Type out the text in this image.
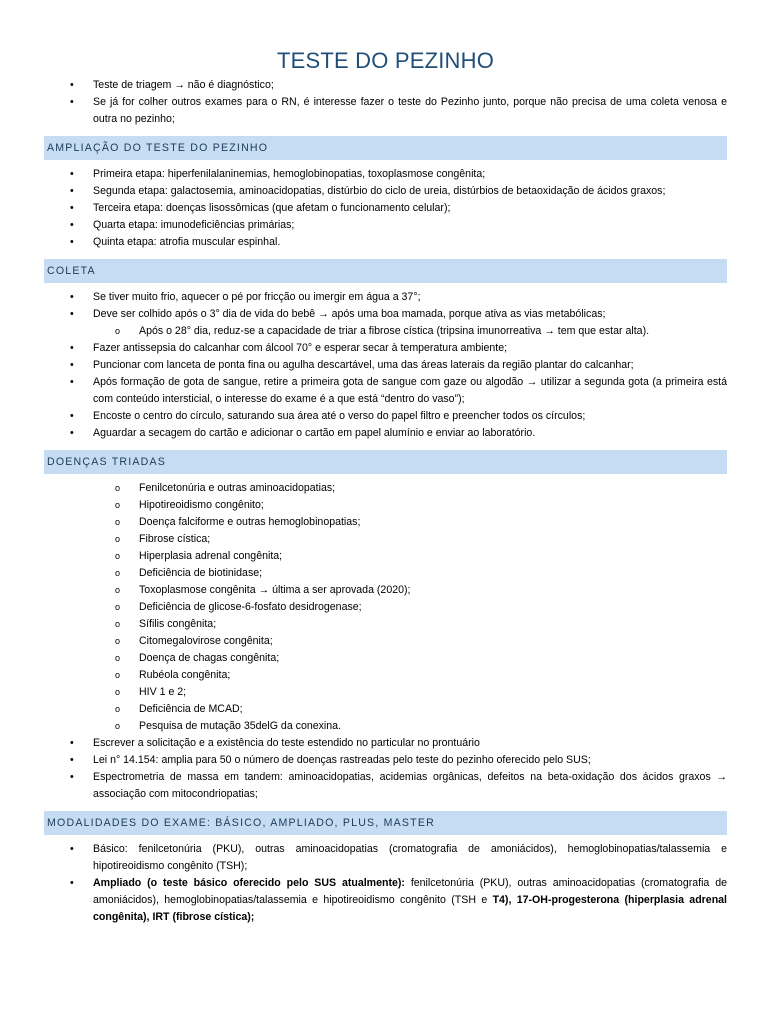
TESTE DO PEZINHO
• Teste de triagem → não é diagnóstico;
• Se já for colher outros exames para o RN, é interesse fazer o teste do Pezinho junto, porque não precisa de uma coleta venosa e outra no pezinho;
AMPLIAÇÃO DO TESTE DO PEZINHO
• Primeira etapa: hiperfenilalaninemias, hemoglobinopatias, toxoplasmose congênita;
• Segunda etapa: galactosemia, aminoacidopatias, distúrbio do ciclo de ureia, distúrbios de betaoxidação de ácidos graxos;
• Terceira etapa: doenças lisossômicas (que afetam o funcionamento celular);
• Quarta etapa: imunodeficiências primárias;
• Quinta etapa: atrofia muscular espinhal.
COLETA
• Se tiver muito frio, aquecer o pé por fricção ou imergir em água a 37°;
• Deve ser colhido após o 3° dia de vida do bebê → após uma boa mamada, porque ativa as vias metabólicas;
o Após o 28° dia, reduz-se a capacidade de triar a fibrose cística (tripsina imunorreativa → tem que estar alta).
• Fazer antissepsia do calcanhar com álcool 70° e esperar secar à temperatura ambiente;
• Puncionar com lanceta de ponta fina ou agulha descartável, uma das áreas laterais da região plantar do calcanhar;
• Após formação de gota de sangue, retire a primeira gota de sangue com gaze ou algodão → utilizar a segunda gota (a primeira está com conteúdo intersticial, o interesse do exame é a que está “dentro do vaso”);
• Encoste o centro do círculo, saturando sua área até o verso do papel filtro e preencher todos os círculos;
• Aguardar a secagem do cartão e adicionar o cartão em papel alumínio e enviar ao laboratório.
DOENÇAS TRIADAS
o Fenilcetonúria e outras aminoacidopatias;
o Hipotireoidismo congênito;
o Doença falciforme e outras hemoglobinopatias;
o Fibrose cística;
o Hiperplasia adrenal congênita;
o Deficiência de biotinidase;
o Toxoplasmose congênita → última a ser aprovada (2020);
o Deficiência de glicose-6-fosfato desidrogenase;
o Sífilis congênita;
o Citomegalovirose congênita;
o Doença de chagas congênita;
o Rubéola congênita;
o HIV 1 e 2;
o Deficiência de MCAD;
o Pesquisa de mutação 35delG da conexina.
• Escrever a solicitação e a existência do teste estendido no particular no prontuário
• Lei n° 14.154: amplia para 50 o número de doenças rastreadas pelo teste do pezinho oferecido pelo SUS;
• Espectrometria de massa em tandem: aminoacidopatias, acidemias orgânicas, defeitos na beta-oxidação dos ácidos graxos → associação com mitocondriopatias;
MODALIDADES DO EXAME: BÁSICO, AMPLIADO, PLUS, MASTER
• Básico: fenilcetonúria (PKU), outras aminoacidopatias (cromatografia de amoniácidos), hemoglobinopatias/talassemia e hipotireoidismo congênito (TSH);
• Ampliado (o teste básico oferecido pelo SUS atualmente): fenilcetonúria (PKU), outras aminoacidopatias (cromatografia de amoniácidos), hemoglobinopatias/talassemia e hipotireoidismo congênito (TSH e T4), 17-OH-progesterona (hiperplasia adrenal congênita), IRT (fibrose cística);
